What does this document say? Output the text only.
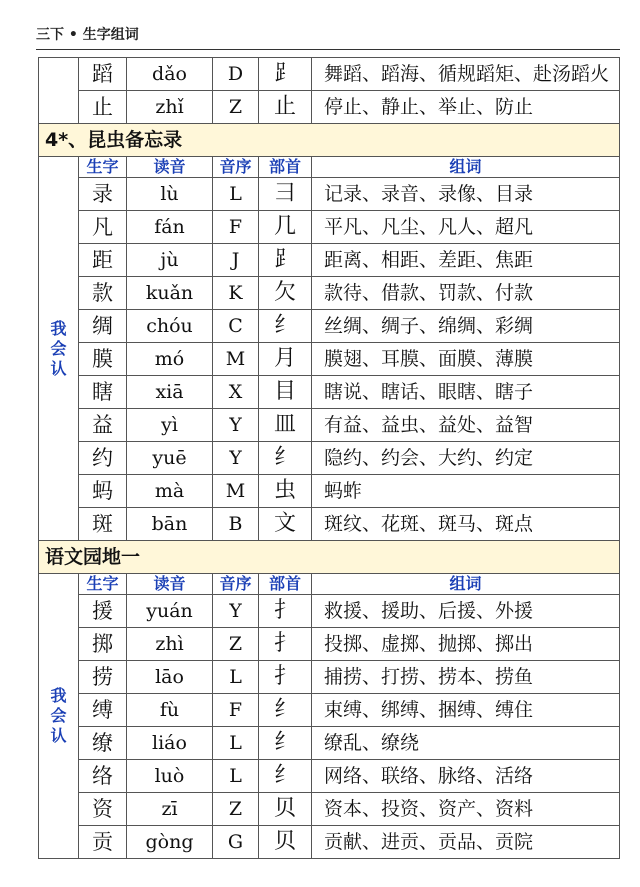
三下 • 生字组词
	蹈	dǎo	D	⻊	舞蹈、蹈海、循规蹈矩、赴汤蹈火
	止	zhǐ	Z	止	停止、静止、举止、防止
4*、昆虫备忘录					

我
会
认	生字	读音	音序	部首	组词
	录	lù	L	彐	记录、录音、录像、目录
	凡	fán	F	几	平凡、凡尘、凡人、超凡
	距	jù	J	⻊	距离、相距、差距、焦距
	款	kuǎn	K	欠	款待、借款、罚款、付款
	绸	chóu	C	纟	丝绸、绸子、绵绸、彩绸
	膜	mó	M	月	膜翅、耳膜、面膜、薄膜
	瞎	xiā	X	目	瞎说、瞎话、眼瞎、瞎子
	益	yì	Y	皿	有益、益虫、益处、益智
	约	yuē	Y	纟	隐约、约会、大约、约定
	蚂	mà	M	虫	蚂蚱
	斑	bān	B	文	斑纹、花斑、斑马、斑点
语文园地一					

我
会
认	生字	读音	音序	部首	组词
	援	yuán	Y	扌	救援、援助、后援、外援
	掷	zhì	Z	扌	投掷、虚掷、抛掷、掷出
	捞	lāo	L	扌	捕捞、打捞、捞本、捞鱼
	缚	fù	F	纟	束缚、绑缚、捆缚、缚住
	缭	liáo	L	纟	缭乱、缭绕
	络	luò	L	纟	网络、联络、脉络、活络
	资	zī	Z	贝	资本、投资、资产、资料
	贡	gòng	G	贝	贡献、进贡、贡品、贡院
